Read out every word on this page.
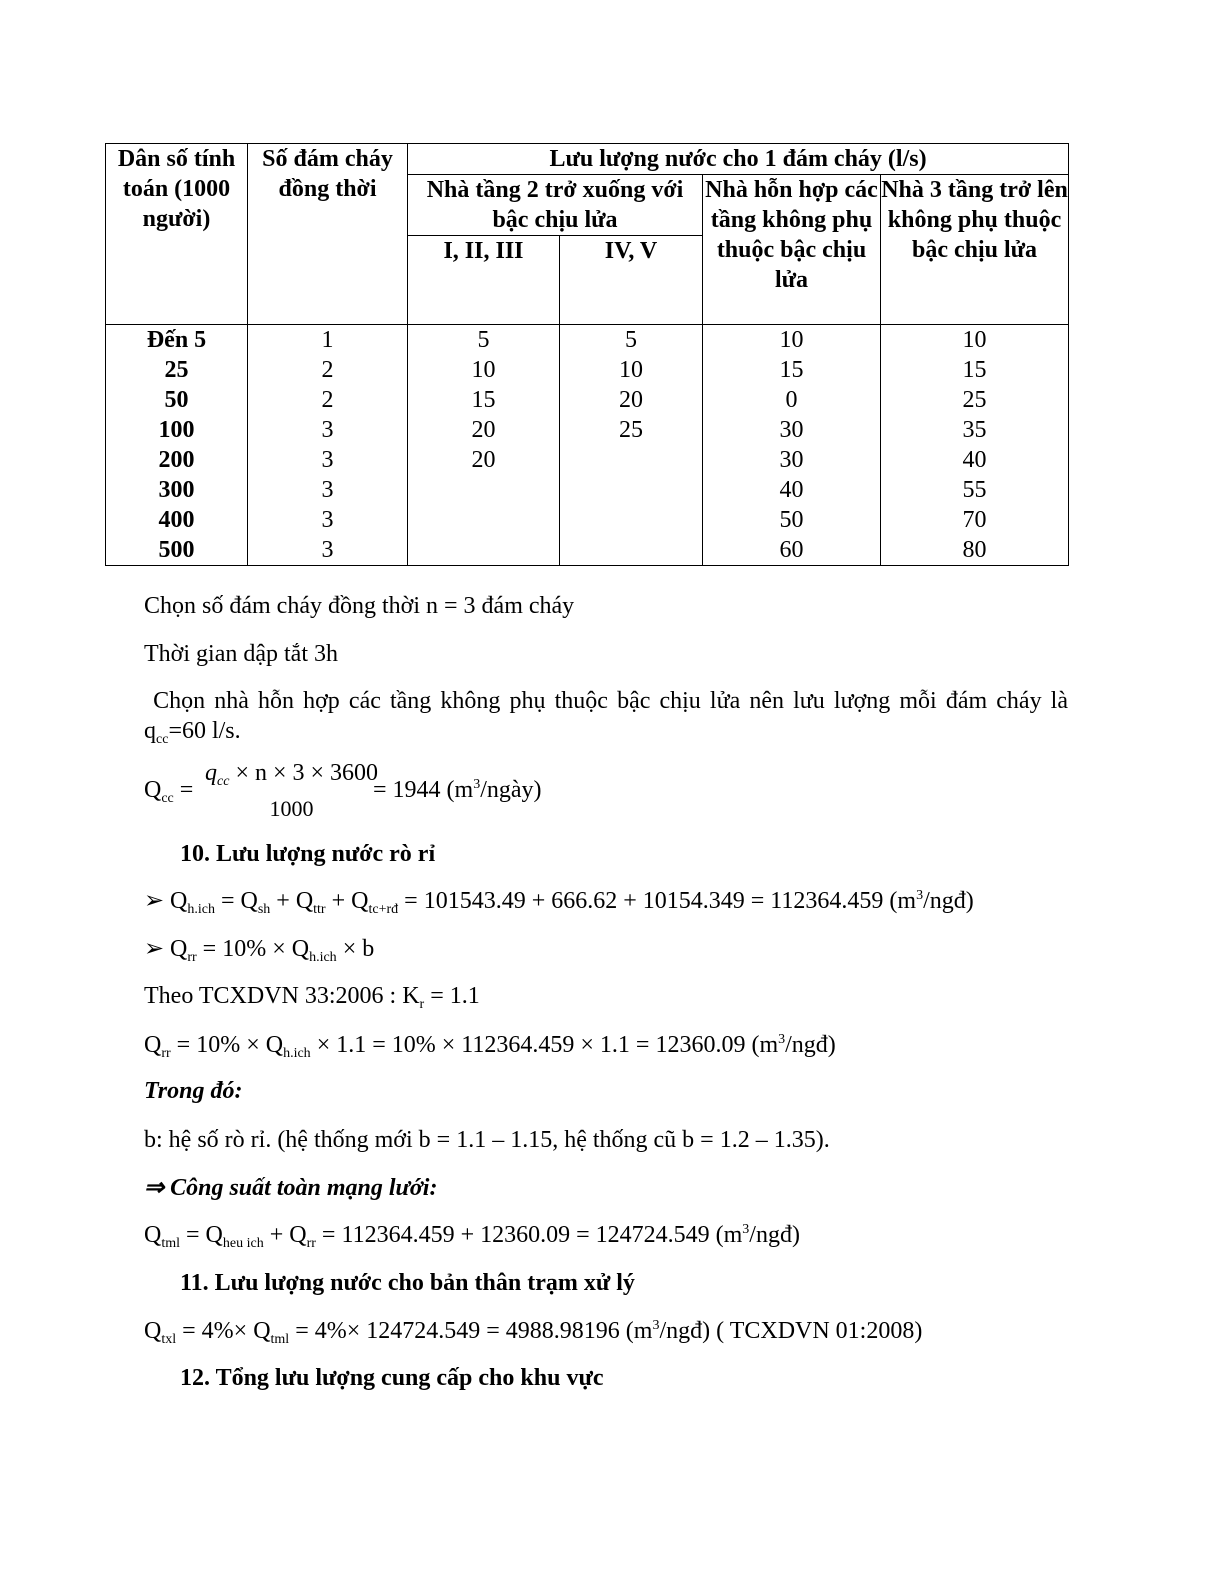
Dân số tính toán (1000 người)	Số đám cháy đồng thời	Lưu lượng nước cho 1 đám cháy (l/s)			
		Nhà tầng 2 trở xuống với bậc chịu lửa		Nhà hỗn hợp các tầng không phụ thuộc bậc chịu lửa	Nhà 3 tầng trở lên không phụ thuộc bậc chịu lửa
		I, II, III	IV, V		
Đến 5	1	5	5	10	10
25	2	10	10	15	15
50	2	15	20	0	25
100	3	20	25	30	35
200	3	20		30	40
300	3			40	55
400	3			50	70
500	3			60	80
Chọn số đám cháy đồng thời n = 3 đám cháy
Thời gian dập tắt 3h
Chọn nhà hỗn hợp các tầng không phụ thuộc bậc chịu lửa nên lưu lượng mỗi đám cháy là $q_{cc}=60$ l/s.
$Q_{cc}$ =
$q_{cc} \times n \times 3 \times 3600$
1000
= 1944 $(m^3/ngày)$
10. Lưu lượng nước rò rỉ
➢ $Q_{h.ich} = Q_{sh} + Q_{ttr} + Q_{tc+rđ} = 101543.49 + 666.62 + 10154.349 = 112364.459$ $(m^3/ngđ)$
➢ $Q_{rr} = 10\% \times Q_{h.ich} \times b$
Theo TCXDVN 33:2006 : $K_r = 1.1$
$Q_{rr} = 10\% \times Q_{h.ich} \times 1.1 = 10\% \times 112364.459 \times 1.1 = 12360.09$ $(m^3/ngđ)$
Trong đó:
b: hệ số rò rỉ. (hệ thống mới b = 1.1 – 1.15, hệ thống cũ b = 1.2 – 1.35).
⇒ Công suất toàn mạng lưới:
$Q_{tml} = Q_{heu ich} + Q_{rr} = 112364.459 + 12360.09 = 124724.549$ $(m^3/ngđ)$
11. Lưu lượng nước cho bản thân trạm xử lý
$Q_{txl} = 4\%\times Q_{tml} = 4\%\times 124724.549 = 4988.98196$ $(m^3/ngđ)$ ( TCXDVN 01:2008)
12. Tổng lưu lượng cung cấp cho khu vực
